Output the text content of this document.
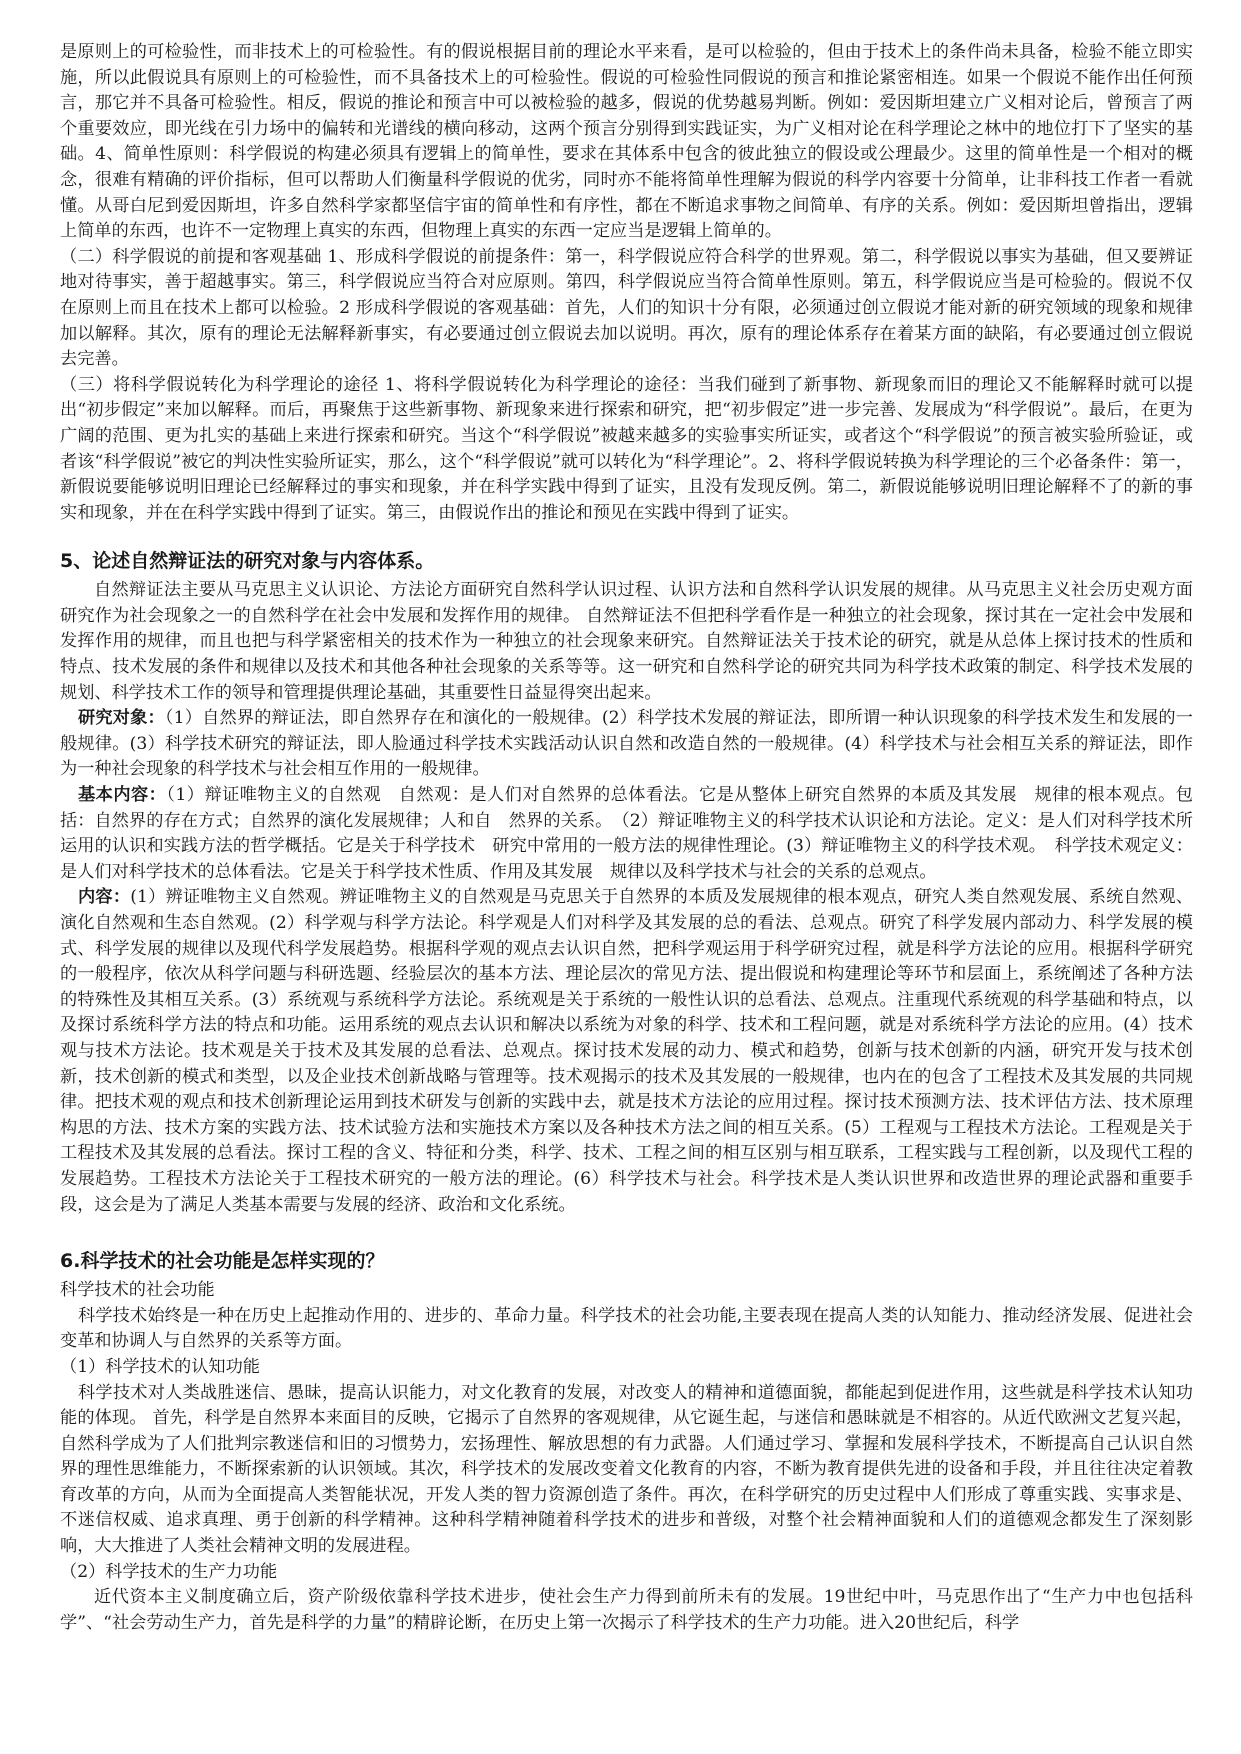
是原则上的可检验性，而非技术上的可检验性。有的假说根据目前的理论水平来看，是可以检验的，但由于技术上的条件尚未具备，检验不能立即实施，所以此假说具有原则上的可检验性，而不具备技术上的可检验性。假说的可检验性同假说的预言和推论紧密相连。如果一个假说不能作出任何预言，那它并不具备可检验性。相反，假说的推论和预言中可以被检验的越多，假说的优势越易判断。例如：爱因斯坦建立广义相对论后，曾预言了两个重要效应，即光线在引力场中的偏转和光谱线的横向移动，这两个预言分别得到实践证实，为广义相对论在科学理论之林中的地位打下了坚实的基础。4、简单性原则：科学假说的构建必须具有逻辑上的简单性，要求在其体系中包含的彼此独立的假设或公理最少。这里的简单性是一个相对的概念，很难有精确的评价指标，但可以帮助人们衡量科学假说的优劣，同时亦不能将简单性理解为假说的科学内容要十分简单，让非科技工作者一看就懂。从哥白尼到爱因斯坦，许多自然科学家都坚信宇宙的简单性和有序性，都在不断追求事物之间简单、有序的关系。例如：爱因斯坦曾指出，逻辑上简单的东西，也许不一定物理上真实的东西，但物理上真实的东西一定应当是逻辑上简单的。

（二）科学假说的前提和客观基础 1、形成科学假说的前提条件：第一，科学假说应符合科学的世界观。第二，科学假说以事实为基础，但又要辨证地对待事实，善于超越事实。第三，科学假说应当符合对应原则。第四，科学假说应当符合简单性原则。第五，科学假说应当是可检验的。假说不仅在原则上而且在技术上都可以检验。2 形成科学假说的客观基础：首先，人们的知识十分有限，必须通过创立假说才能对新的研究领域的现象和规律加以解释。其次，原有的理论无法解释新事实，有必要通过创立假说去加以说明。再次，原有的理论体系存在着某方面的缺陷，有必要通过创立假说去完善。

（三）将科学假说转化为科学理论的途径 1、将科学假说转化为科学理论的途径：当我们碰到了新事物、新现象而旧的理论又不能解释时就可以提出“初步假定”来加以解释。而后，再聚焦于这些新事物、新现象来进行探索和研究，把“初步假定”进一步完善、发展成为“科学假说”。最后，在更为广阔的范围、更为扎实的基础上来进行探索和研究。当这个“科学假说”被越来越多的实验事实所证实，或者这个“科学假说”的预言被实验所验证，或者该“科学假说”被它的判决性实验所证实，那么，这个“科学假说”就可以转化为“科学理论”。2、将科学假说转换为科学理论的三个必备条件：第一，新假说要能够说明旧理论已经解释过的事实和现象，并在科学实践中得到了证实，且没有发现反例。第二，新假说能够说明旧理论解释不了的新的事实和现象，并在在科学实践中得到了证实。第三，由假说作出的推论和预见在实践中得到了证实。

5、论述自然辩证法的研究对象与内容体系。

自然辩证法主要从马克思主义认识论、方法论方面研究自然科学认识过程、认识方法和自然科学认识发展的规律。从马克思主义社会历史观方面研究作为社会现象之一的自然科学在社会中发展和发挥作用的规律。 自然辩证法不但把科学看作是一种独立的社会现象，探讨其在一定社会中发展和发挥作用的规律，而且也把与科学紧密相关的技术作为一种独立的社会现象来研究。自然辩证法关于技术论的研究，就是从总体上探讨技术的性质和特点、技术发展的条件和规律以及技术和其他各种社会现象的关系等等。这一研究和自然科学论的研究共同为科学技术政策的制定、科学技术发展的规划、科学技术工作的领导和管理提供理论基础，其重要性日益显得突出起来。

研究对象：（1）自然界的辩证法，即自然界存在和演化的一般规律。(2）科学技术发展的辩证法，即所谓一种认识现象的科学技术发生和发展的一般规律。(3）科学技术研究的辩证法，即人脸通过科学技术实践活动认识自然和改造自然的一般规律。(4）科学技术与社会相互关系的辩证法，即作为一种社会现象的科学技术与社会相互作用的一般规律。

基本内容：（1）辩证唯物主义的自然观　自然观：是人们对自然界的总体看法。它是从整体上研究自然界的本质及其发展　规律的根本观点。包括：自然界的存在方式；自然界的演化发展规律；人和自　然界的关系。　（2）辩证唯物主义的科学技术认识论和方法论。定义：是人们对科学技术所运用的认识和实践方法的哲学概括。它是关于科学技术　研究中常用的一般方法的规律性理论。(3）辩证唯物主义的科学技术观。　科学技术观定义：是人们对科学技术的总体看法。它是关于科学技术性质、作用及其发展　规律以及科学技术与社会的关系的总观点。

内容：(1）辨证唯物主义自然观。辨证唯物主义的自然观是马克思关于自然界的本质及发展规律的根本观点，研究人类自然观发展、系统自然观、演化自然观和生态自然观。(2）科学观与科学方法论。科学观是人们对科学及其发展的总的看法、总观点。研究了科学发展内部动力、科学发展的模式、科学发展的规律以及现代科学发展趋势。根据科学观的观点去认识自然，把科学观运用于科学研究过程，就是科学方法论的应用。根据科学研究的一般程序，依次从科学问题与科研选题、经验层次的基本方法、理论层次的常见方法、提出假说和构建理论等环节和层面上，系统阐述了各种方法的特殊性及其相互关系。(3）系统观与系统科学方法论。系统观是关于系统的一般性认识的总看法、总观点。注重现代系统观的科学基础和特点，以及探讨系统科学方法的特点和功能。运用系统的观点去认识和解决以系统为对象的科学、技术和工程问题，就是对系统科学方法论的应用。(4）技术观与技术方法论。技术观是关于技术及其发展的总看法、总观点。探讨技术发展的动力、模式和趋势，创新与技术创新的内涵，研究开发与技术创新，技术创新的模式和类型，以及企业技术创新战略与管理等。技术观揭示的技术及其发展的一般规律，也内在的包含了工程技术及其发展的共同规律。把技术观的观点和技术创新理论运用到技术研发与创新的实践中去，就是技术方法论的应用过程。探讨技术预测方法、技术评估方法、技术原理构思的方法、技术方案的实践方法、技术试验方法和实施技术方案以及各种技术方法之间的相互关系。(5）工程观与工程技术方法论。工程观是关于工程技术及其发展的总看法。探讨工程的含义、特征和分类，科学、技术、工程之间的相互区别与相互联系，工程实践与工程创新，以及现代工程的发展趋势。工程技术方法论关于工程技术研究的一般方法的理论。(6）科学技术与社会。科学技术是人类认识世界和改造世界的理论武器和重要手段，这会是为了满足人类基本需要与发展的经济、政治和文化系统。

6.科学技术的社会功能是怎样实现的？

科学技术的社会功能

科学技术始终是一种在历史上起推动作用的、进步的、革命力量。科学技术的社会功能,主要表现在提高人类的认知能力、推动经济发展、促进社会变革和协调人与自然界的关系等方面。

（1）科学技术的认知功能

科学技术对人类战胜迷信、愚昧，提高认识能力，对文化教育的发展，对改变人的精神和道德面貌，都能起到促进作用，这些就是科学技术认知功能的体现。 首先，科学是自然界本来面目的反映，它揭示了自然界的客观规律，从它诞生起，与迷信和愚昧就是不相容的。从近代欧洲文艺复兴起，自然科学成为了人们批判宗教迷信和旧的习惯势力，宏扬理性、解放思想的有力武器。人们通过学习、掌握和发展科学技术，不断提高自己认识自然界的理性思维能力，不断探索新的认识领域。其次，科学技术的发展改变着文化教育的内容，不断为教育提供先进的设备和手段，并且往往决定着教育改革的方向，从而为全面提高人类智能状况，开发人类的智力资源创造了条件。再次，在科学研究的历史过程中人们形成了尊重实践、实事求是、不迷信权威、追求真理、勇于创新的科学精神。这种科学精神随着科学技术的进步和普级，对整个社会精神面貌和人们的道德观念都发生了深刻影响，大大推进了人类社会精神文明的发展进程。

（2）科学技术的生产力功能

近代资本主义制度确立后，资产阶级依靠科学技术进步，使社会生产力得到前所未有的发展。19世纪中叶，马克思作出了“生产力中也包括科学”、“社会劳动生产力，首先是科学的力量”的精辟论断，在历史上第一次揭示了科学技术的生产力功能。进入20世纪后，科学
